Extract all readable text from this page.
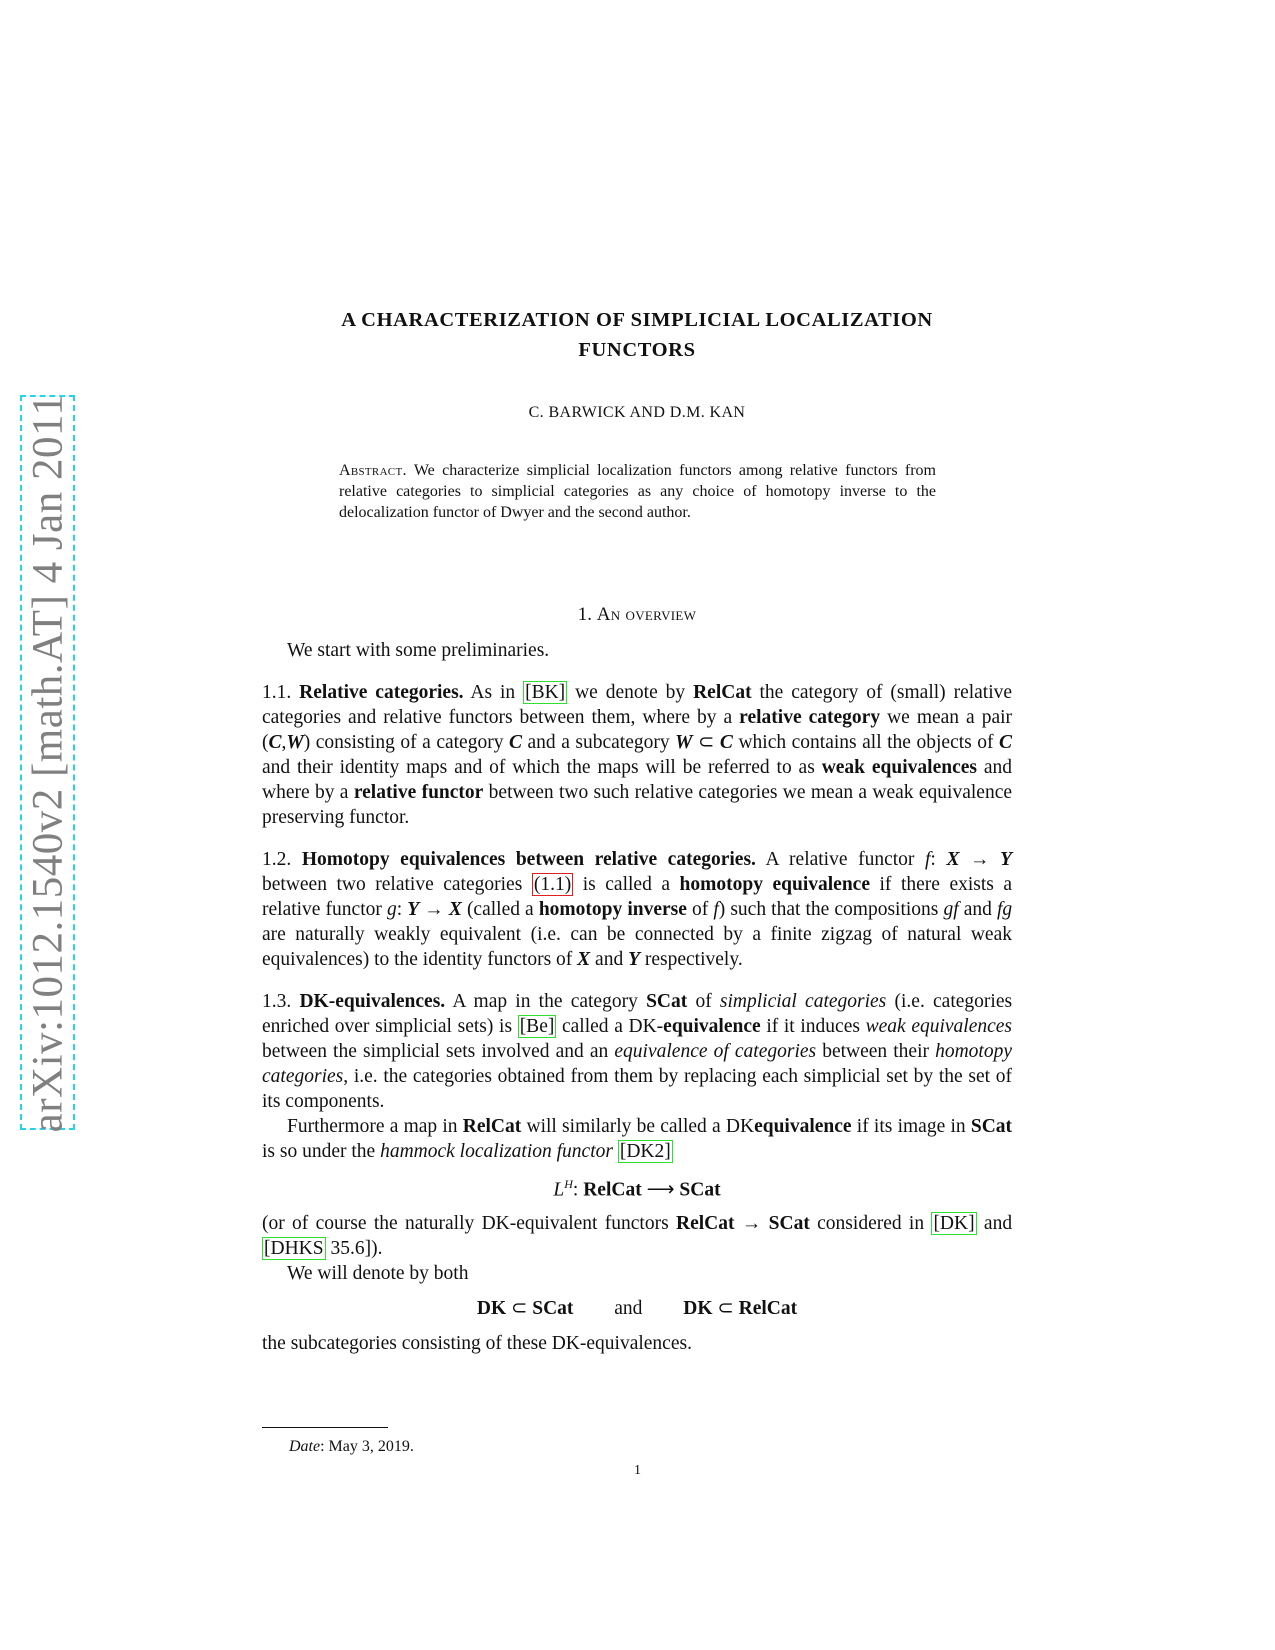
arXiv:1012.1540v2 [math.AT] 4 Jan 2011
A CHARACTERIZATION OF SIMPLICIAL LOCALIZATION
FUNCTORS
C. BARWICK AND D.M. KAN
Abstract. We characterize simplicial localization functors among relative functors from relative categories to simplicial categories as any choice of homotopy inverse to the delocalization functor of Dwyer and the second author.
1. An overview

We start with some preliminaries.

1.1. Relative categories. As in [BK] we denote by RelCat the category of (small) relative categories and relative functors between them, where by a relative category we mean a pair (C,W) consisting of a category C and a subcategory W ⊂ C which contains all the objects of C and their identity maps and of which the maps will be referred to as weak equivalences and where by a relative functor between two such relative categories we mean a weak equivalence preserving functor.

1.2. Homotopy equivalences between relative categories. A relative functor f: X → Y between two relative categories (1.1) is called a homotopy equivalence if there exists a relative functor g: Y → X (called a homotopy inverse of f) such that the compositions gf and fg are naturally weakly equivalent (i.e. can be connected by a finite zigzag of natural weak equivalences) to the identity functors of X and Y respectively.

1.3. DK-equivalences. A map in the category SCat of simplicial categories (i.e. categories enriched over simplicial sets) is [Be] called a DK-equivalence if it induces weak equivalences between the simplicial sets involved and an equivalence of categories between their homotopy categories, i.e. the categories obtained from them by replacing each simplicial set by the set of its components.

Furthermore a map in RelCat will similarly be called a DKequivalence if its image in SCat is so under the hammock localization functor [DK2]

$L^H$: RelCat ⟶ SCat

(or of course the naturally DK-equivalent functors RelCat → SCat considered in [DK] and [DHKS 35.6]).

We will denote by both

DK ⊂ SCat and DK ⊂ RelCat

the subcategories consisting of these DK-equivalences.

Date: May 3, 2019.
1
